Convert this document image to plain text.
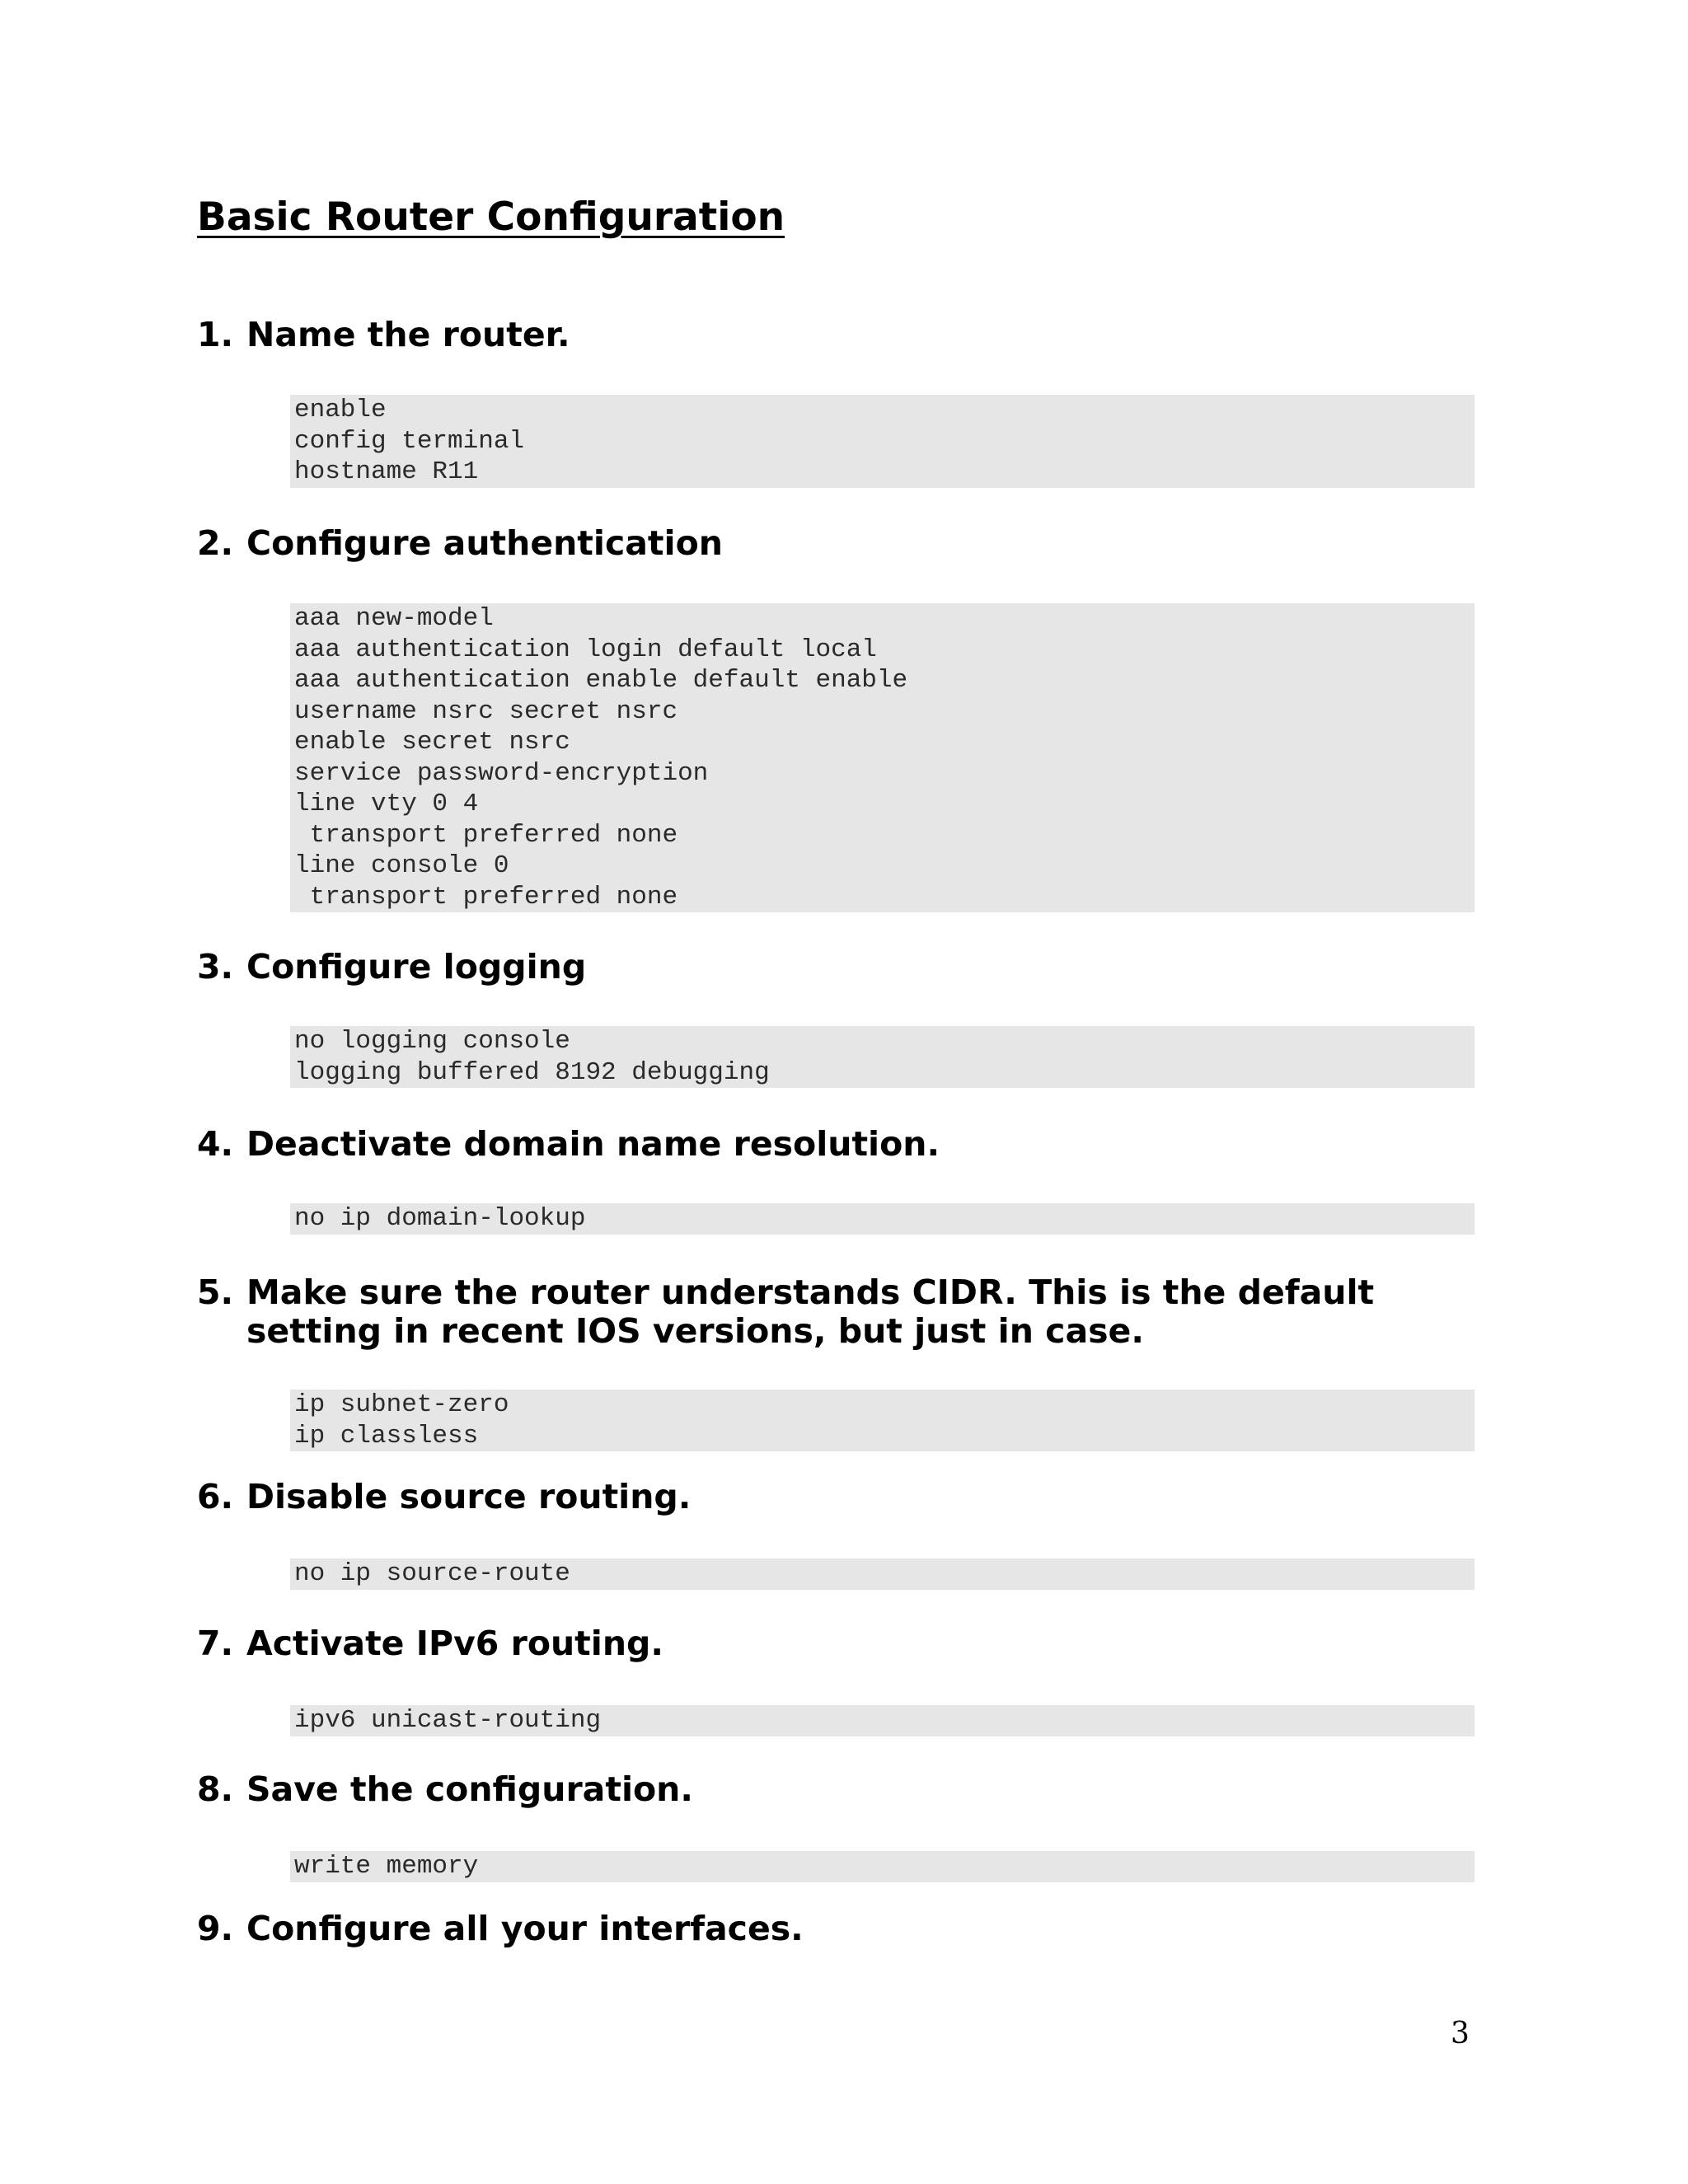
Basic Router Configuration
1. Name the router.
enable
config terminal
hostname R11
2. Configure authentication
aaa new-model
aaa authentication login default local
aaa authentication enable default enable
username nsrc secret nsrc
enable secret nsrc
service password-encryption
line vty 0 4
transport preferred none
line console 0
transport preferred none
3. Configure logging
no logging console
logging buffered 8192 debugging
4. Deactivate domain name resolution.
no ip domain-lookup
5. Make sure the router understands CIDR. This is the default setting in recent IOS versions, but just in case.
ip subnet-zero
ip classless
6. Disable source routing.
no ip source-route
7. Activate IPv6 routing.
ipv6 unicast-routing
8. Save the configuration.
write memory
9. Configure all your interfaces.
3
